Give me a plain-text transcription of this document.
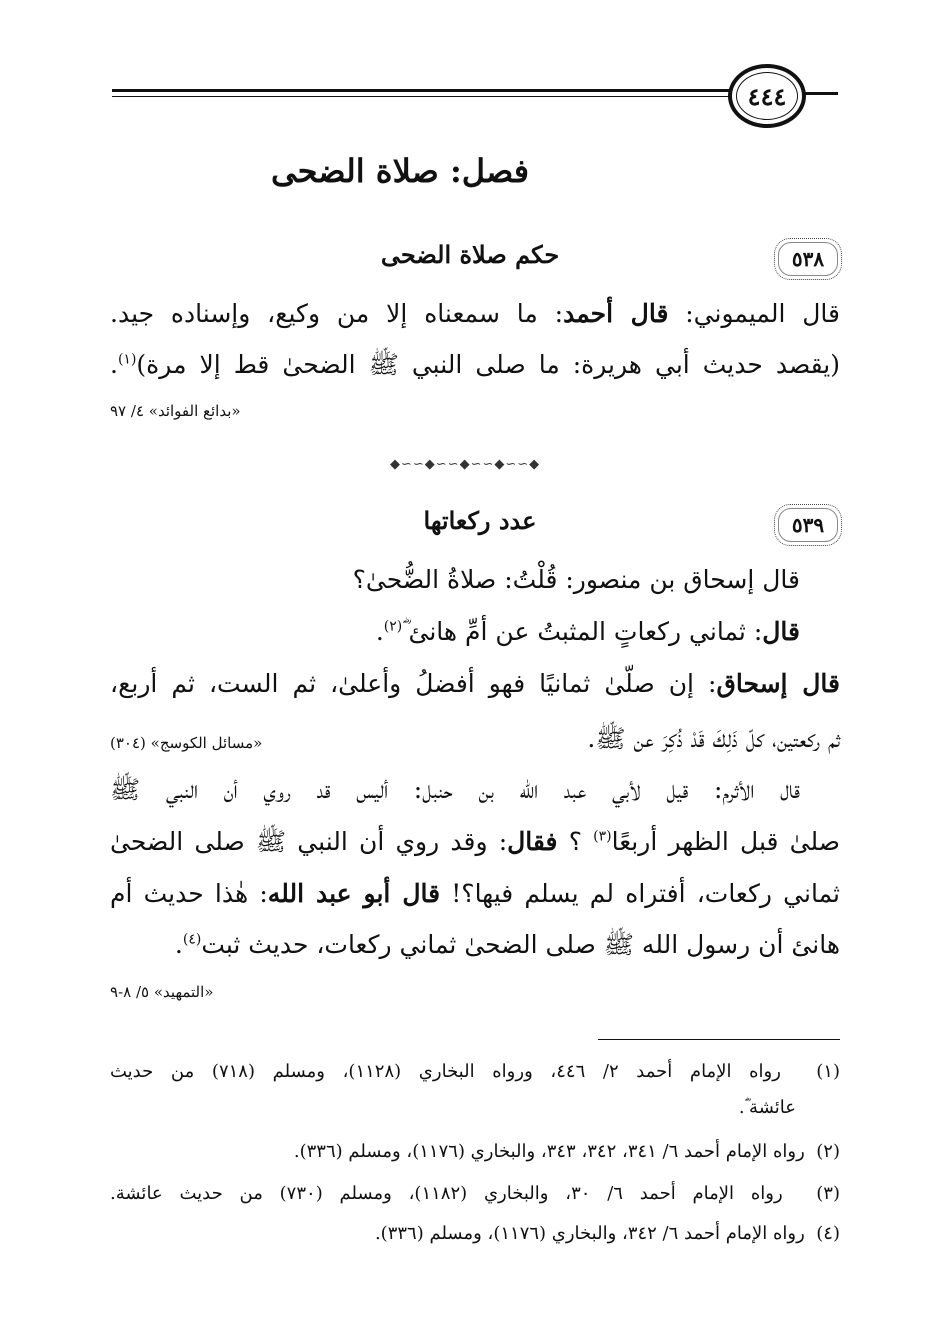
٤٤٤
فصل: صلاة الضحى
٥٣٨
حكم صلاة الضحى
قال الميموني: قال أحمد: ما سمعناه إلا من وكيع، وإسناده جيد.
(يقصد حديث أبي هريرة: ما صلى النبي ﷺ الضحىٰ قط إلا مرة)$^{(١)}$.
«بدائع الفوائد» ٤/ ٩٧
◆∽∽◆∽∽◆∽∽◆∽∽◆
٥٣٩
عدد ركعاتها
قال إسحاق بن منصور: قُلْتُ: صلاةُ الضُّحىٰ؟
قال: ثماني ركعاتٍ المثبتُ عن أمِّ هانئ ؓ$^{(٢)}$.
قال إسحاق: إن صلّىٰ ثمانيًا فهو أفضلُ وأعلىٰ، ثم الست، ثم أربع،
ثم ركعتين، كلّ ذَلِكَ قَدْ ذُكِرَ عن ﷺ.
«مسائل الكوسج» (٣٠٤)
قال الأثرم: قيل لأبي عبد الله بن حنبل: أليس قد روي أن النبي ﷺ
صلىٰ قبل الظهر أربعًا$^{(٣)}$ ؟ فقال: وقد روي أن النبي ﷺ صلى الضحىٰ
ثماني ركعات، أفتراه لم يسلم فيها؟! قال أبو عبد الله: هٰذا حديث أم
هانئ أن رسول الله ﷺ صلى الضحىٰ ثماني ركعات، حديث ثبت$^{(٤)}$.
«التمهيد» ٥/ ٨-٩
(١)  رواه الإمام أحمد ٢/ ٤٤٦، ورواه البخاري (١١٢٨)، ومسلم (٧١٨) من حديث
عائشة ؓ.
(٢)  رواه الإمام أحمد ٦/ ٣٤١، ٣٤٢، ٣٤٣، والبخاري (١١٧٦)، ومسلم (٣٣٦).
(٣)  رواه الإمام أحمد ٦/ ٣٠، والبخاري (١١٨٢)، ومسلم (٧٣٠) من حديث عائشة.
(٤)  رواه الإمام أحمد ٦/ ٣٤٢، والبخاري (١١٧٦)، ومسلم (٣٣٦).
